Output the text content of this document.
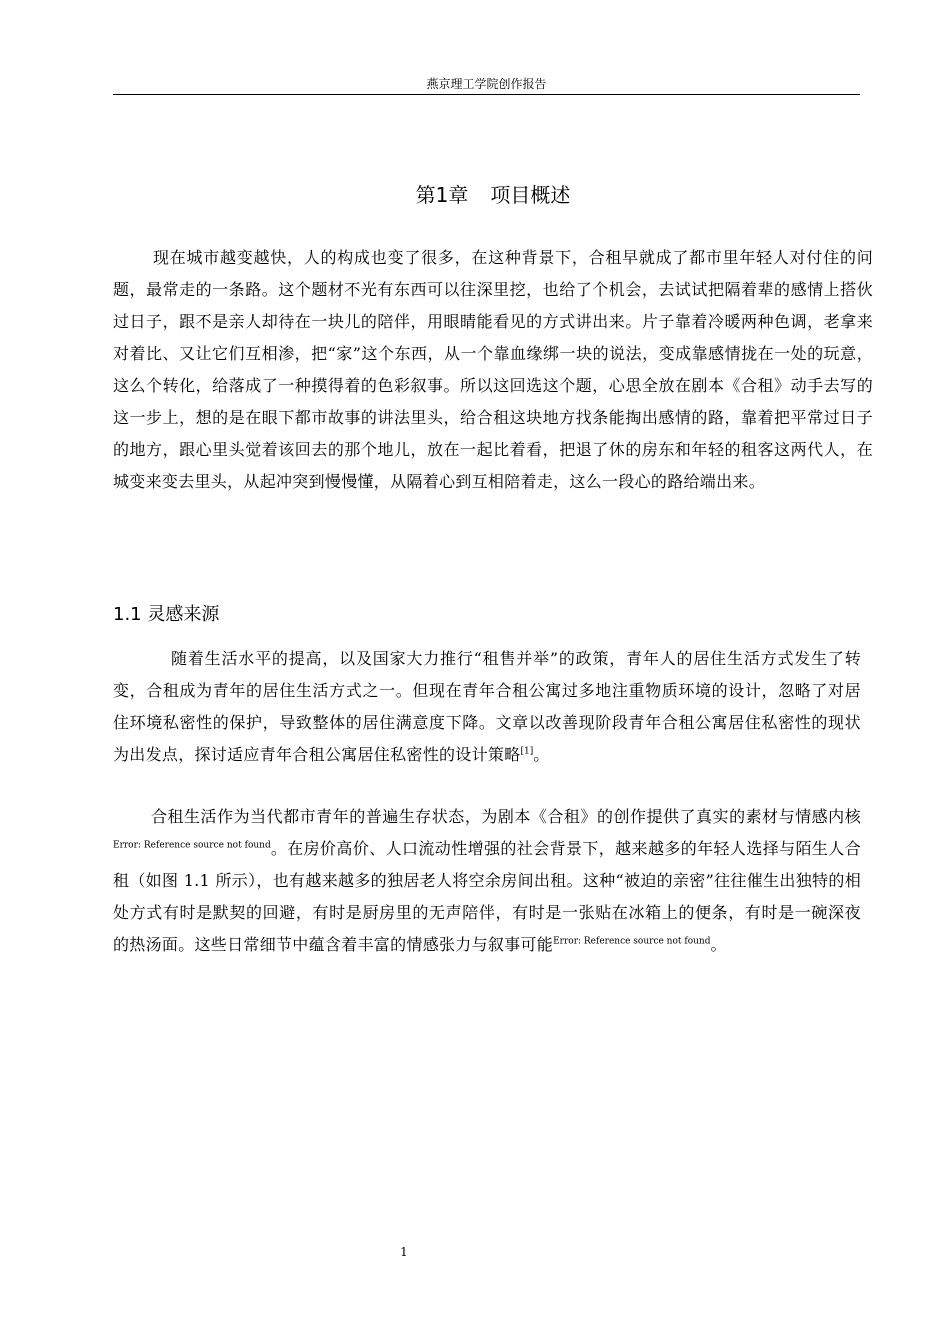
燕京理工学院创作报告
第1章 项目概述

现在城市越变越快，人的构成也变了很多，在这种背景下，合租早就成了都市里年轻人对付住的问题，最常走的一条路。这个题材不光有东西可以往深里挖，也给了个机会，去试试把隔着辈的感情上搭伙过日子，跟不是亲人却待在一块儿的陪伴，用眼睛能看见的方式讲出来。片子靠着冷暖两种色调，老拿来对着比、又让它们互相渗，把“家”这个东西，从一个靠血缘绑一块的说法，变成靠感情拢在一处的玩意，这么个转化，给落成了一种摸得着的色彩叙事。所以这回选这个题，心思全放在剧本《合租》动手去写的这一步上，想的是在眼下都市故事的讲法里头，给合租这块地方找条能掏出感情的路，靠着把平常过日子的地方，跟心里头觉着该回去的那个地儿，放在一起比着看，把退了休的房东和年轻的租客这两代人，在城变来变去里头，从起冲突到慢慢懂，从隔着心到互相陪着走，这么一段心的路给端出来。

1.1 灵感来源

随着生活水平的提高，以及国家大力推行“租售并举”的政策，青年人的居住生活方式发生了转变，合租成为青年的居住生活方式之一。但现在青年合租公寓过多地注重物质环境的设计，忽略了对居住环境私密性的保护，导致整体的居住满意度下降。文章以改善现阶段青年合租公寓居住私密性的现状为出发点，探讨适应青年合租公寓居住私密性的设计策略[1]。

合租生活作为当代都市青年的普遍生存状态，为剧本《合租》的创作提供了真实的素材与情感内核$^{Error: Reference source not found}$。在房价高价、人口流动性增强的社会背景下，越来越多的年轻人选择与陌生人合租（如图 1.1 所示），也有越来越多的独居老人将空余房间出租。这种“被迫的亲密”往往催生出独特的相处方式有时是默契的回避，有时是厨房里的无声陪伴，有时是一张贴在冰箱上的便条，有时是一碗深夜的热汤面。这些日常细节中蕴含着丰富的情感张力与叙事可能$^{Error: Reference source not found}$。

1
